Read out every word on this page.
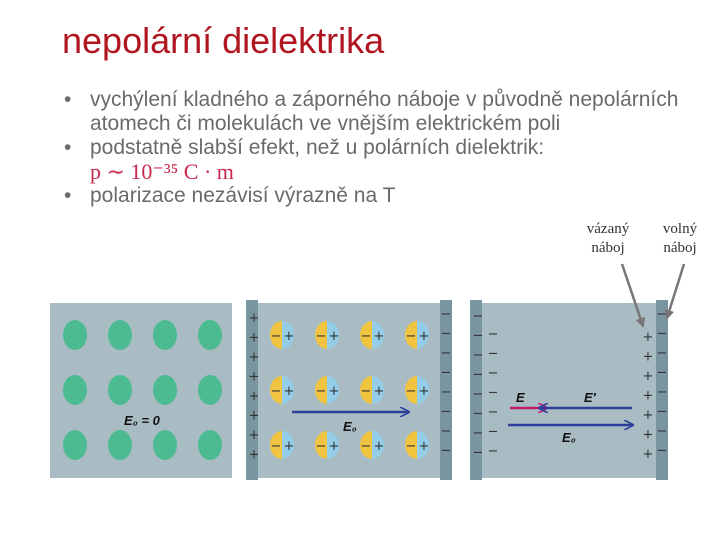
nepolární dielektrika
• vychýlení kladného a záporného náboje v původně nepolárních atomech či molekulách ve vnějším elektrickém poli
• podstatně slabší efekt, než u polárních dielektrik:
p ∼ 10⁻³⁵ C · m
• polarizace nezávisí výrazně na T
vázaný
náboj
volný
náboj
E₀ = 0
+
+
+
+
+
+
+
+
−
−
−
−
−
−
−
−
− +
− +
− +
− +
− +
− +
− +
− +
− +
− +
− +
− +
E₀
−
−
−
−
−
−
−
−
−
−
−
−
−
−
−
+
+
+
+
+
+
+
−
−
−
−
−
−
−
−
E	E′
E₀
